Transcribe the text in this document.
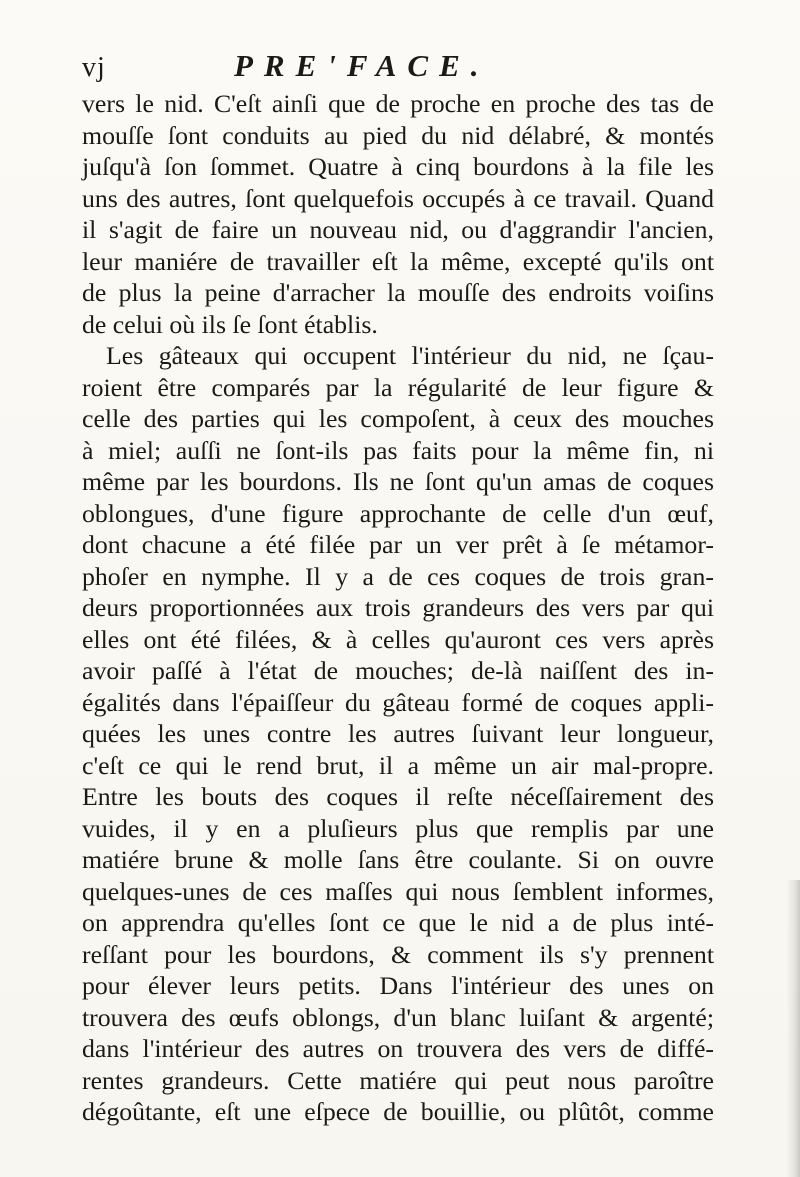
vj	PRE'FACE.
vers le nid. C'eſt ainſi que de proche en proche des tas de
mouſſe ſont conduits au pied du nid délabré, & montés
juſqu'à ſon ſommet. Quatre à cinq bourdons à la file les
uns des autres, ſont quelquefois occupés à ce travail. Quand
il s'agit de faire un nouveau nid, ou d'aggrandir l'ancien,
leur maniére de travailler eſt la même, excepté qu'ils ont
de plus la peine d'arracher la mouſſe des endroits voiſins
de celui où ils ſe ſont établis.
Les gâteaux qui occupent l'intérieur du nid, ne ſçau-
roient être comparés par la régularité de leur figure &
celle des parties qui les compoſent, à ceux des mouches
à miel; auſſi ne ſont-ils pas faits pour la même fin, ni
même par les bourdons. Ils ne ſont qu'un amas de coques
oblongues, d'une figure approchante de celle d'un œuf,
dont chacune a été filée par un ver prêt à ſe métamor-
phoſer en nymphe. Il y a de ces coques de trois gran-
deurs proportionnées aux trois grandeurs des vers par qui
elles ont été filées, & à celles qu'auront ces vers après
avoir paſſé à l'état de mouches; de-là naiſſent des in-
égalités dans l'épaiſſeur du gâteau formé de coques appli-
quées les unes contre les autres ſuivant leur longueur,
c'eſt ce qui le rend brut, il a même un air mal-propre.
Entre les bouts des coques il reſte néceſſairement des
vuides, il y en a pluſieurs plus que remplis par une
matiére brune & molle ſans être coulante. Si on ouvre
quelques-unes de ces maſſes qui nous ſemblent informes,
on apprendra qu'elles ſont ce que le nid a de plus inté-
reſſant pour les bourdons, & comment ils s'y prennent
pour élever leurs petits. Dans l'intérieur des unes on
trouvera des œufs oblongs, d'un blanc luiſant & argenté;
dans l'intérieur des autres on trouvera des vers de diffé-
rentes grandeurs. Cette matiére qui peut nous paroître
dégoûtante, eſt une eſpece de bouillie, ou plûtôt, comme
